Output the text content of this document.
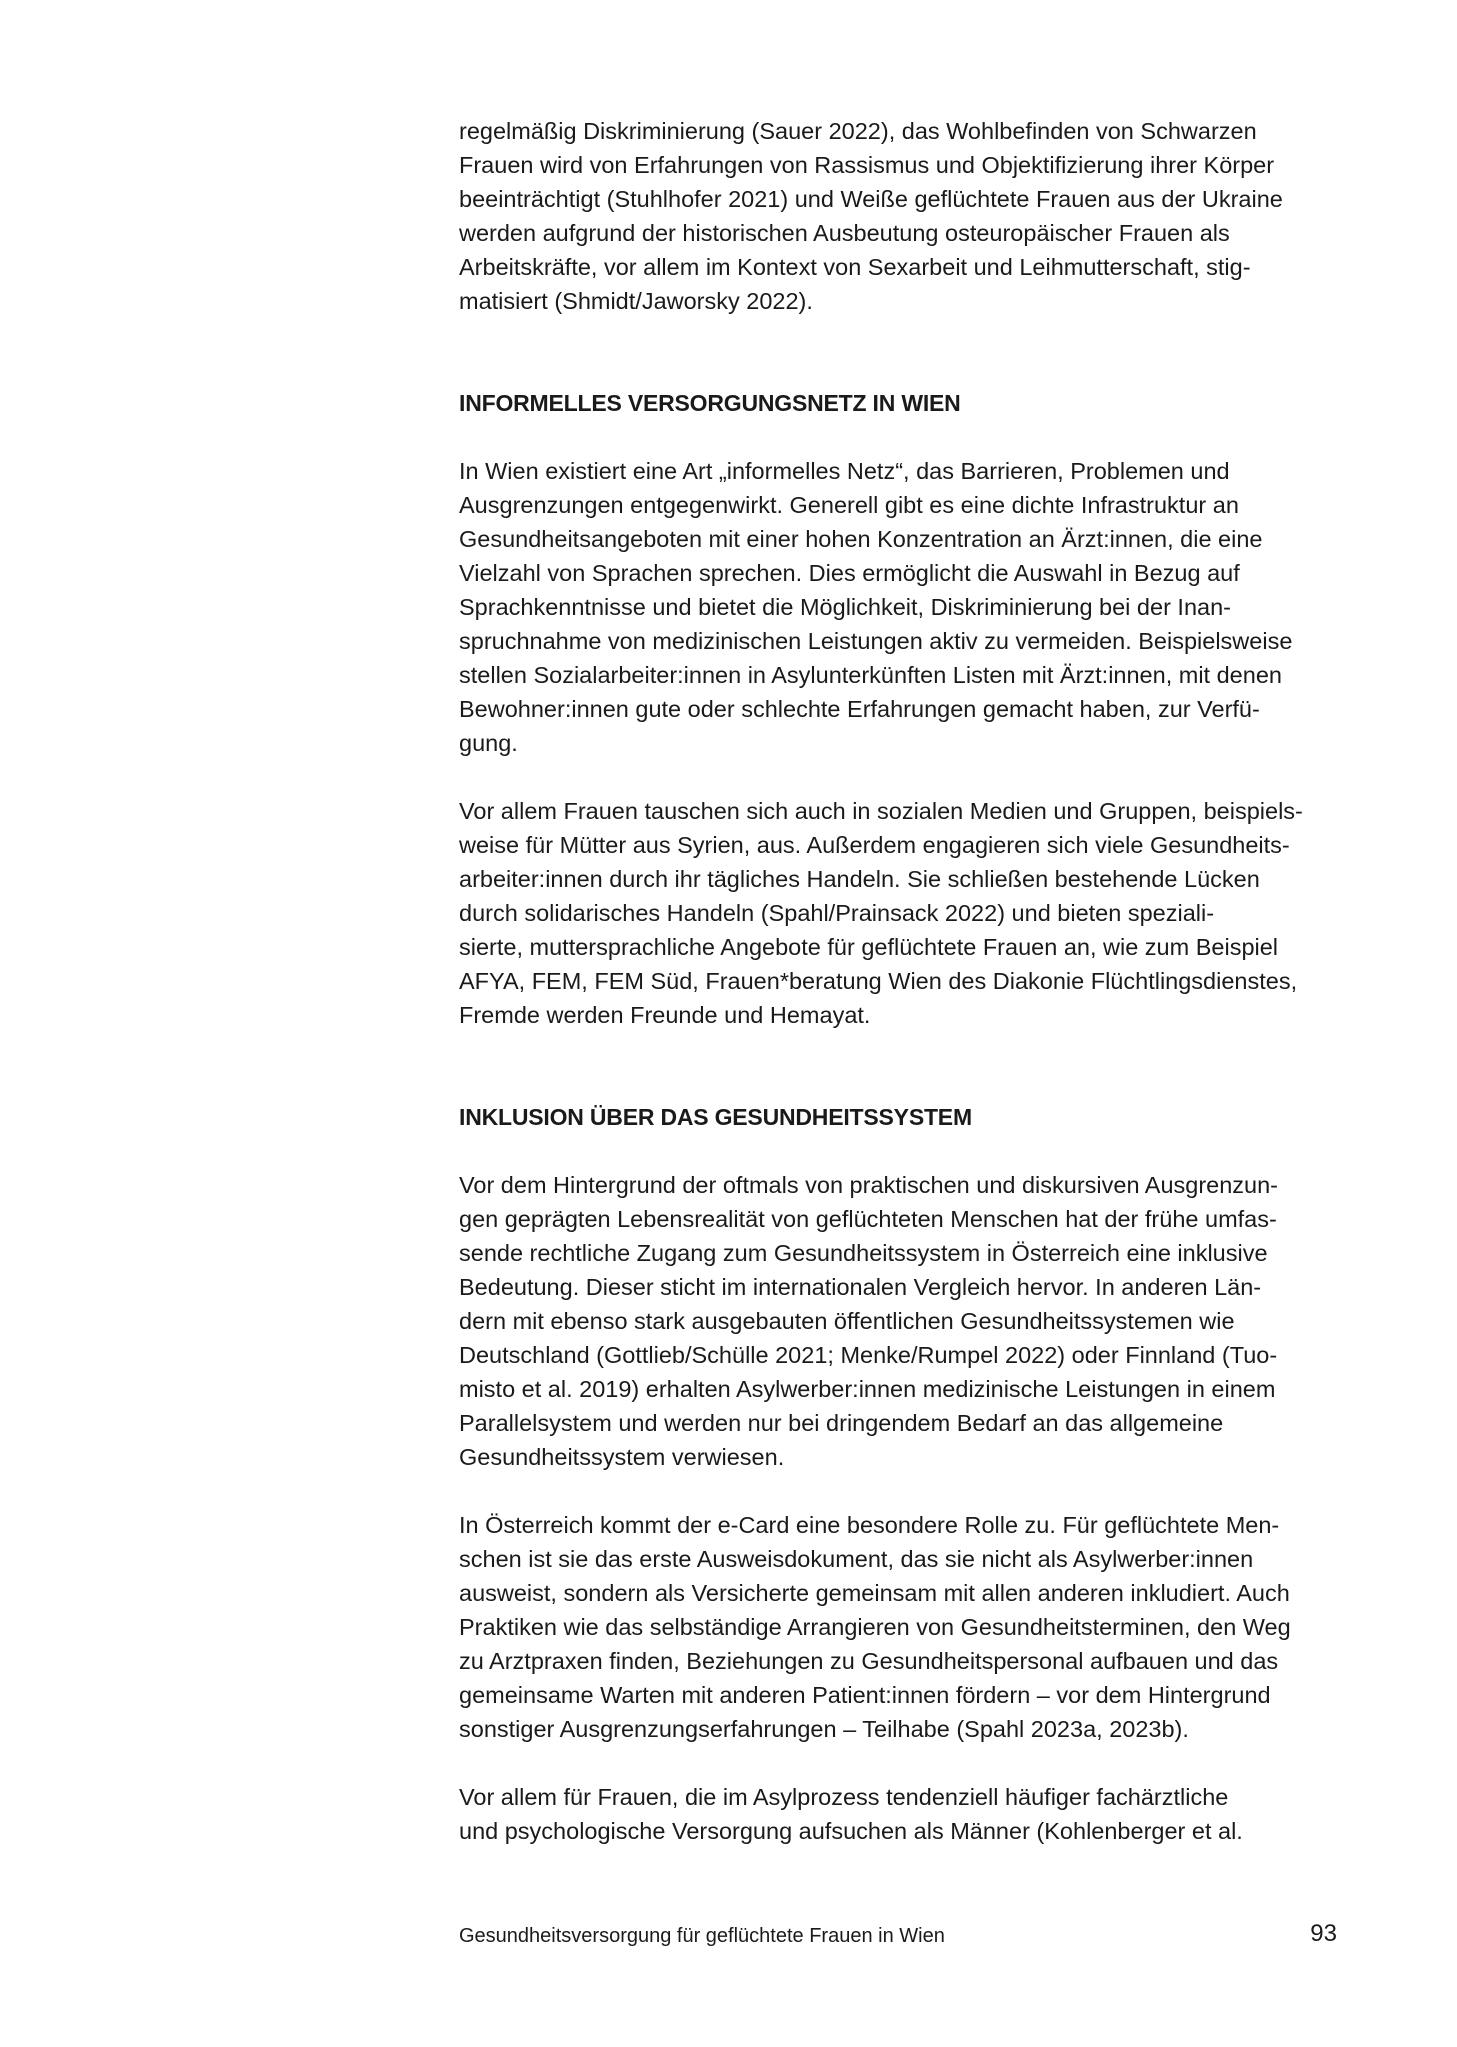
regelmäßig Diskriminierung (Sauer 2022), das Wohlbefinden von Schwarzen
Frauen wird von Erfahrungen von Rassismus und Objektifizierung ihrer Körper
beeinträchtigt (Stuhlhofer 2021) und Weiße geflüchtete Frauen aus der Ukraine
werden aufgrund der historischen Ausbeutung osteuropäischer Frauen als
Arbeitskräfte, vor allem im Kontext von Sexarbeit und Leihmutterschaft, stig-
matisiert (Shmidt/Jaworsky 2022).

INFORMELLES VERSORGUNGSNETZ IN WIEN

In Wien existiert eine Art „informelles Netz“, das Barrieren, Problemen und
Ausgrenzungen entgegenwirkt. Generell gibt es eine dichte Infrastruktur an
Gesundheitsangeboten mit einer hohen Konzentration an Ärzt:innen, die eine
Vielzahl von Sprachen sprechen. Dies ermöglicht die Auswahl in Bezug auf
Sprachkenntnisse und bietet die Möglichkeit, Diskriminierung bei der Inan-
spruchnahme von medizinischen Leistungen aktiv zu vermeiden. Beispielsweise
stellen Sozialarbeiter:innen in Asylunterkünften Listen mit Ärzt:innen, mit denen
Bewohner:innen gute oder schlechte Erfahrungen gemacht haben, zur Verfü-
gung.

Vor allem Frauen tauschen sich auch in sozialen Medien und Gruppen, beispiels-
weise für Mütter aus Syrien, aus. Außerdem engagieren sich viele Gesundheits-
arbeiter:innen durch ihr tägliches Handeln. Sie schließen bestehende Lücken
durch solidarisches Handeln (Spahl/Prainsack 2022) und bieten speziali-
sierte, muttersprachliche Angebote für geflüchtete Frauen an, wie zum Beispiel
AFYA, FEM, FEM Süd, Frauen*beratung Wien des Diakonie Flüchtlingsdienstes,
Fremde werden Freunde und Hemayat.

INKLUSION ÜBER DAS GESUNDHEITSSYSTEM

Vor dem Hintergrund der oftmals von praktischen und diskursiven Ausgrenzun-
gen geprägten Lebensrealität von geflüchteten Menschen hat der frühe umfas-
sende rechtliche Zugang zum Gesundheitssystem in Österreich eine inklusive
Bedeutung. Dieser sticht im internationalen Vergleich hervor. In anderen Län-
dern mit ebenso stark ausgebauten öffentlichen Gesundheitssystemen wie
Deutschland (Gottlieb/Schülle 2021; Menke/Rumpel 2022) oder Finnland (Tuo-
misto et al. 2019) erhalten Asylwerber:innen medizinische Leistungen in einem
Parallelsystem und werden nur bei dringendem Bedarf an das allgemeine
Gesundheitssystem verwiesen.

In Österreich kommt der e-Card eine besondere Rolle zu. Für geflüchtete Men-
schen ist sie das erste Ausweisdokument, das sie nicht als Asylwerber:innen
ausweist, sondern als Versicherte gemeinsam mit allen anderen inkludiert. Auch
Praktiken wie das selbständige Arrangieren von Gesundheitsterminen, den Weg
zu Arztpraxen finden, Beziehungen zu Gesundheitspersonal aufbauen und das
gemeinsame Warten mit anderen Patient:innen fördern – vor dem Hintergrund
sonstiger Ausgrenzungserfahrungen – Teilhabe (Spahl 2023a, 2023b).

Vor allem für Frauen, die im Asylprozess tendenziell häufiger fachärztliche
und psychologische Versorgung aufsuchen als Männer (Kohlenberger et al.

Gesundheitsversorgung für geflüchtete Frauen in Wien	93
